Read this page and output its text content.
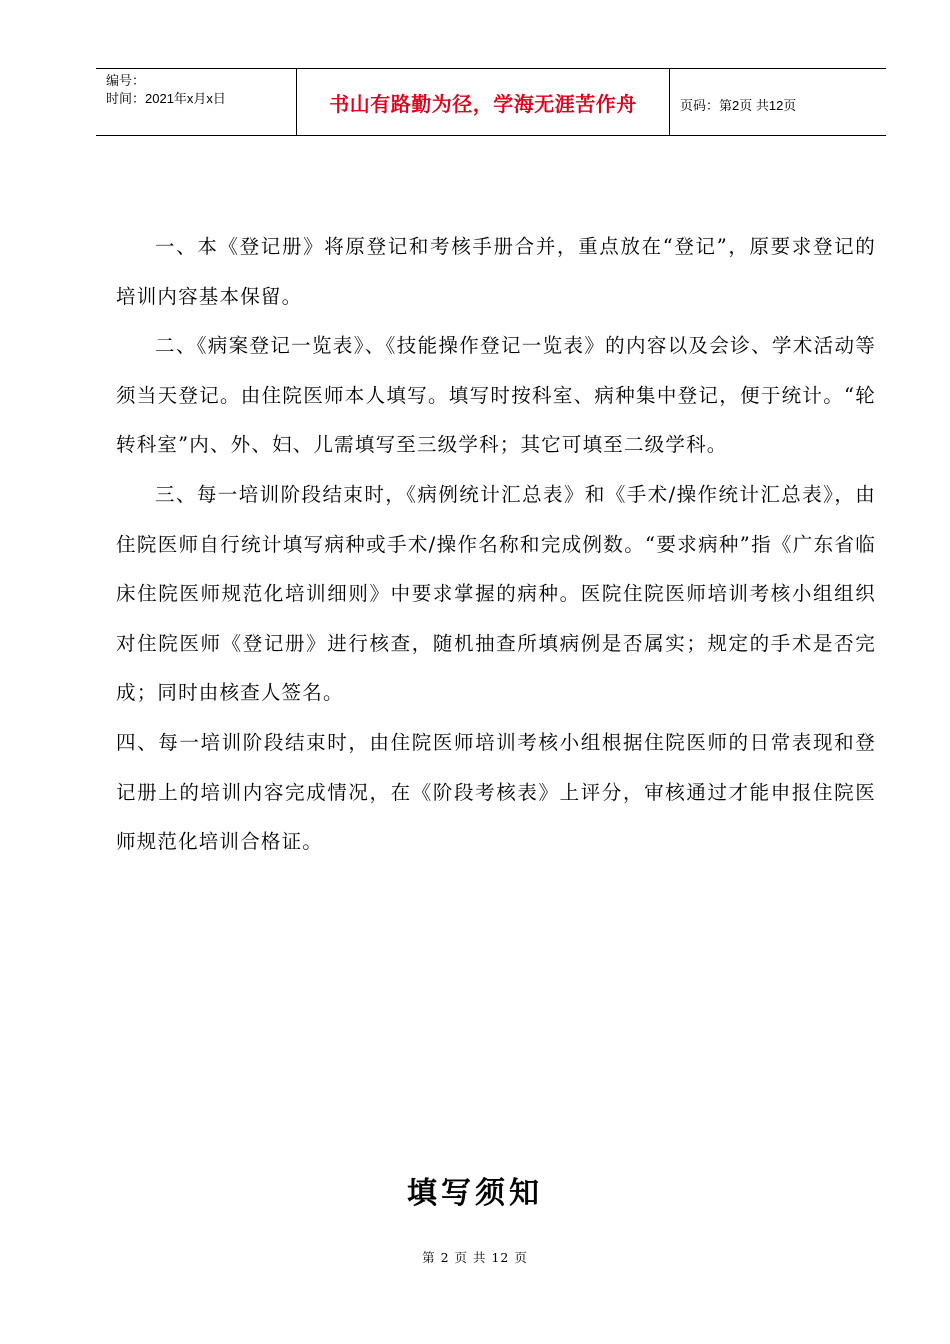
编号：
时间：2021年x月x日	书山有路勤为径，学海无涯苦作舟	页码：第2页 共12页

一、本《登记册》将原登记和考核手册合并，重点放在“登记”，原要求登记的培训内容基本保留。

二、《病案登记一览表》、《技能操作登记一览表》的内容以及会诊、学术活动等须当天登记。由住院医师本人填写。填写时按科室、病种集中登记，便于统计。“轮转科室”内、外、妇、儿需填写至三级学科；其它可填至二级学科。

三、每一培训阶段结束时，《病例统计汇总表》和《手术/操作统计汇总表》，由住院医师自行统计填写病种或手术/操作名称和完成例数。“要求病种”指《广东省临床住院医师规范化培训细则》中要求掌握的病种。医院住院医师培训考核小组组织对住院医师《登记册》进行核查，随机抽查所填病例是否属实；规定的手术是否完成；同时由核查人签名。

四、每一培训阶段结束时，由住院医师培训考核小组根据住院医师的日常表现和登记册上的培训内容完成情况，在《阶段考核表》上评分，审核通过才能申报住院医师规范化培训合格证。

填写须知
第 2 页 共 12 页
